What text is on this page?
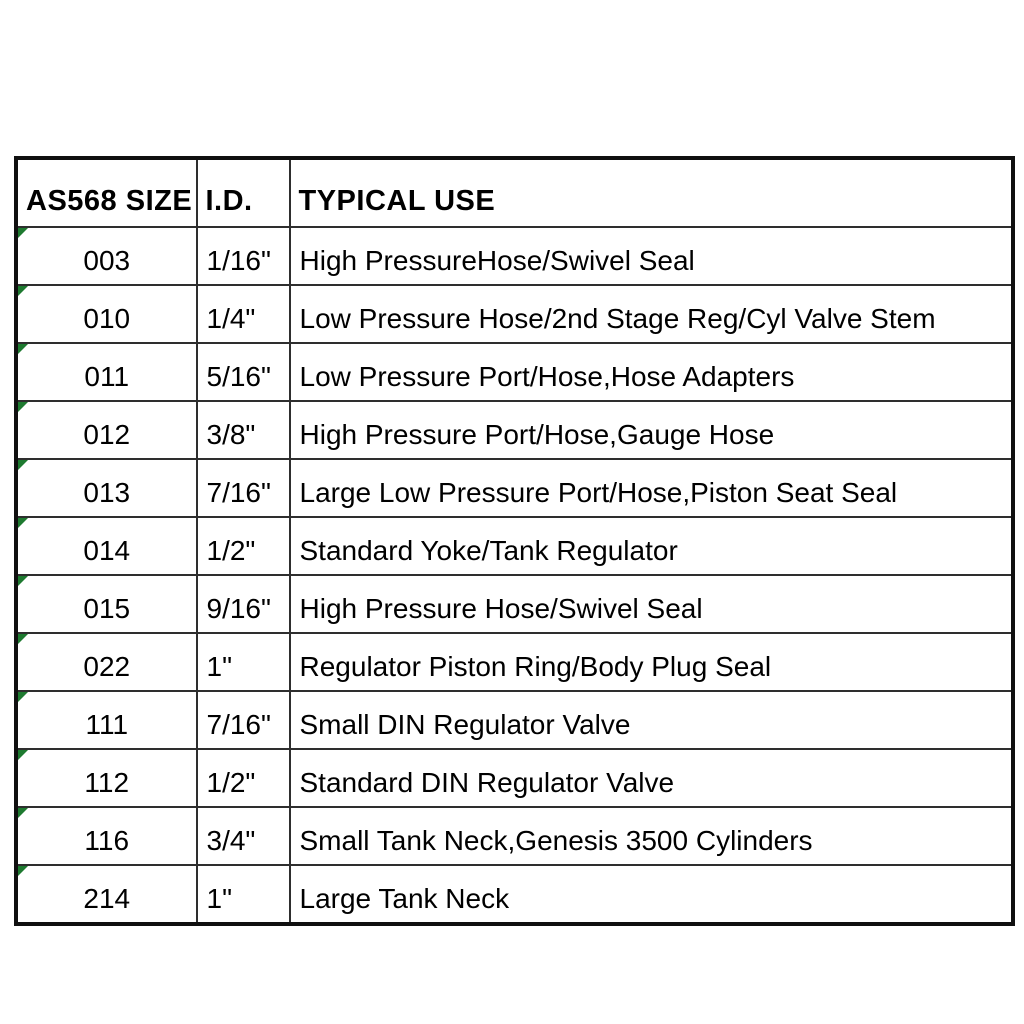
AS568 SIZE	I.D.	TYPICAL USE

003	1/16"	High PressureHose/Swivel Seal

010	1/4"	Low Pressure Hose/2nd Stage Reg/Cyl Valve Stem

011	5/16"	Low Pressure Port/Hose,Hose Adapters

012	3/8"	High Pressure Port/Hose,Gauge Hose

013	7/16"	Large Low Pressure Port/Hose,Piston Seat Seal

014	1/2"	Standard Yoke/Tank Regulator

015	9/16"	High Pressure Hose/Swivel Seal

022	1"	Regulator Piston Ring/Body Plug Seal

111	7/16"	Small DIN Regulator Valve

112	1/2"	Standard DIN Regulator Valve

116	3/4"	Small Tank Neck,Genesis 3500 Cylinders

214	1"	Large Tank Neck
